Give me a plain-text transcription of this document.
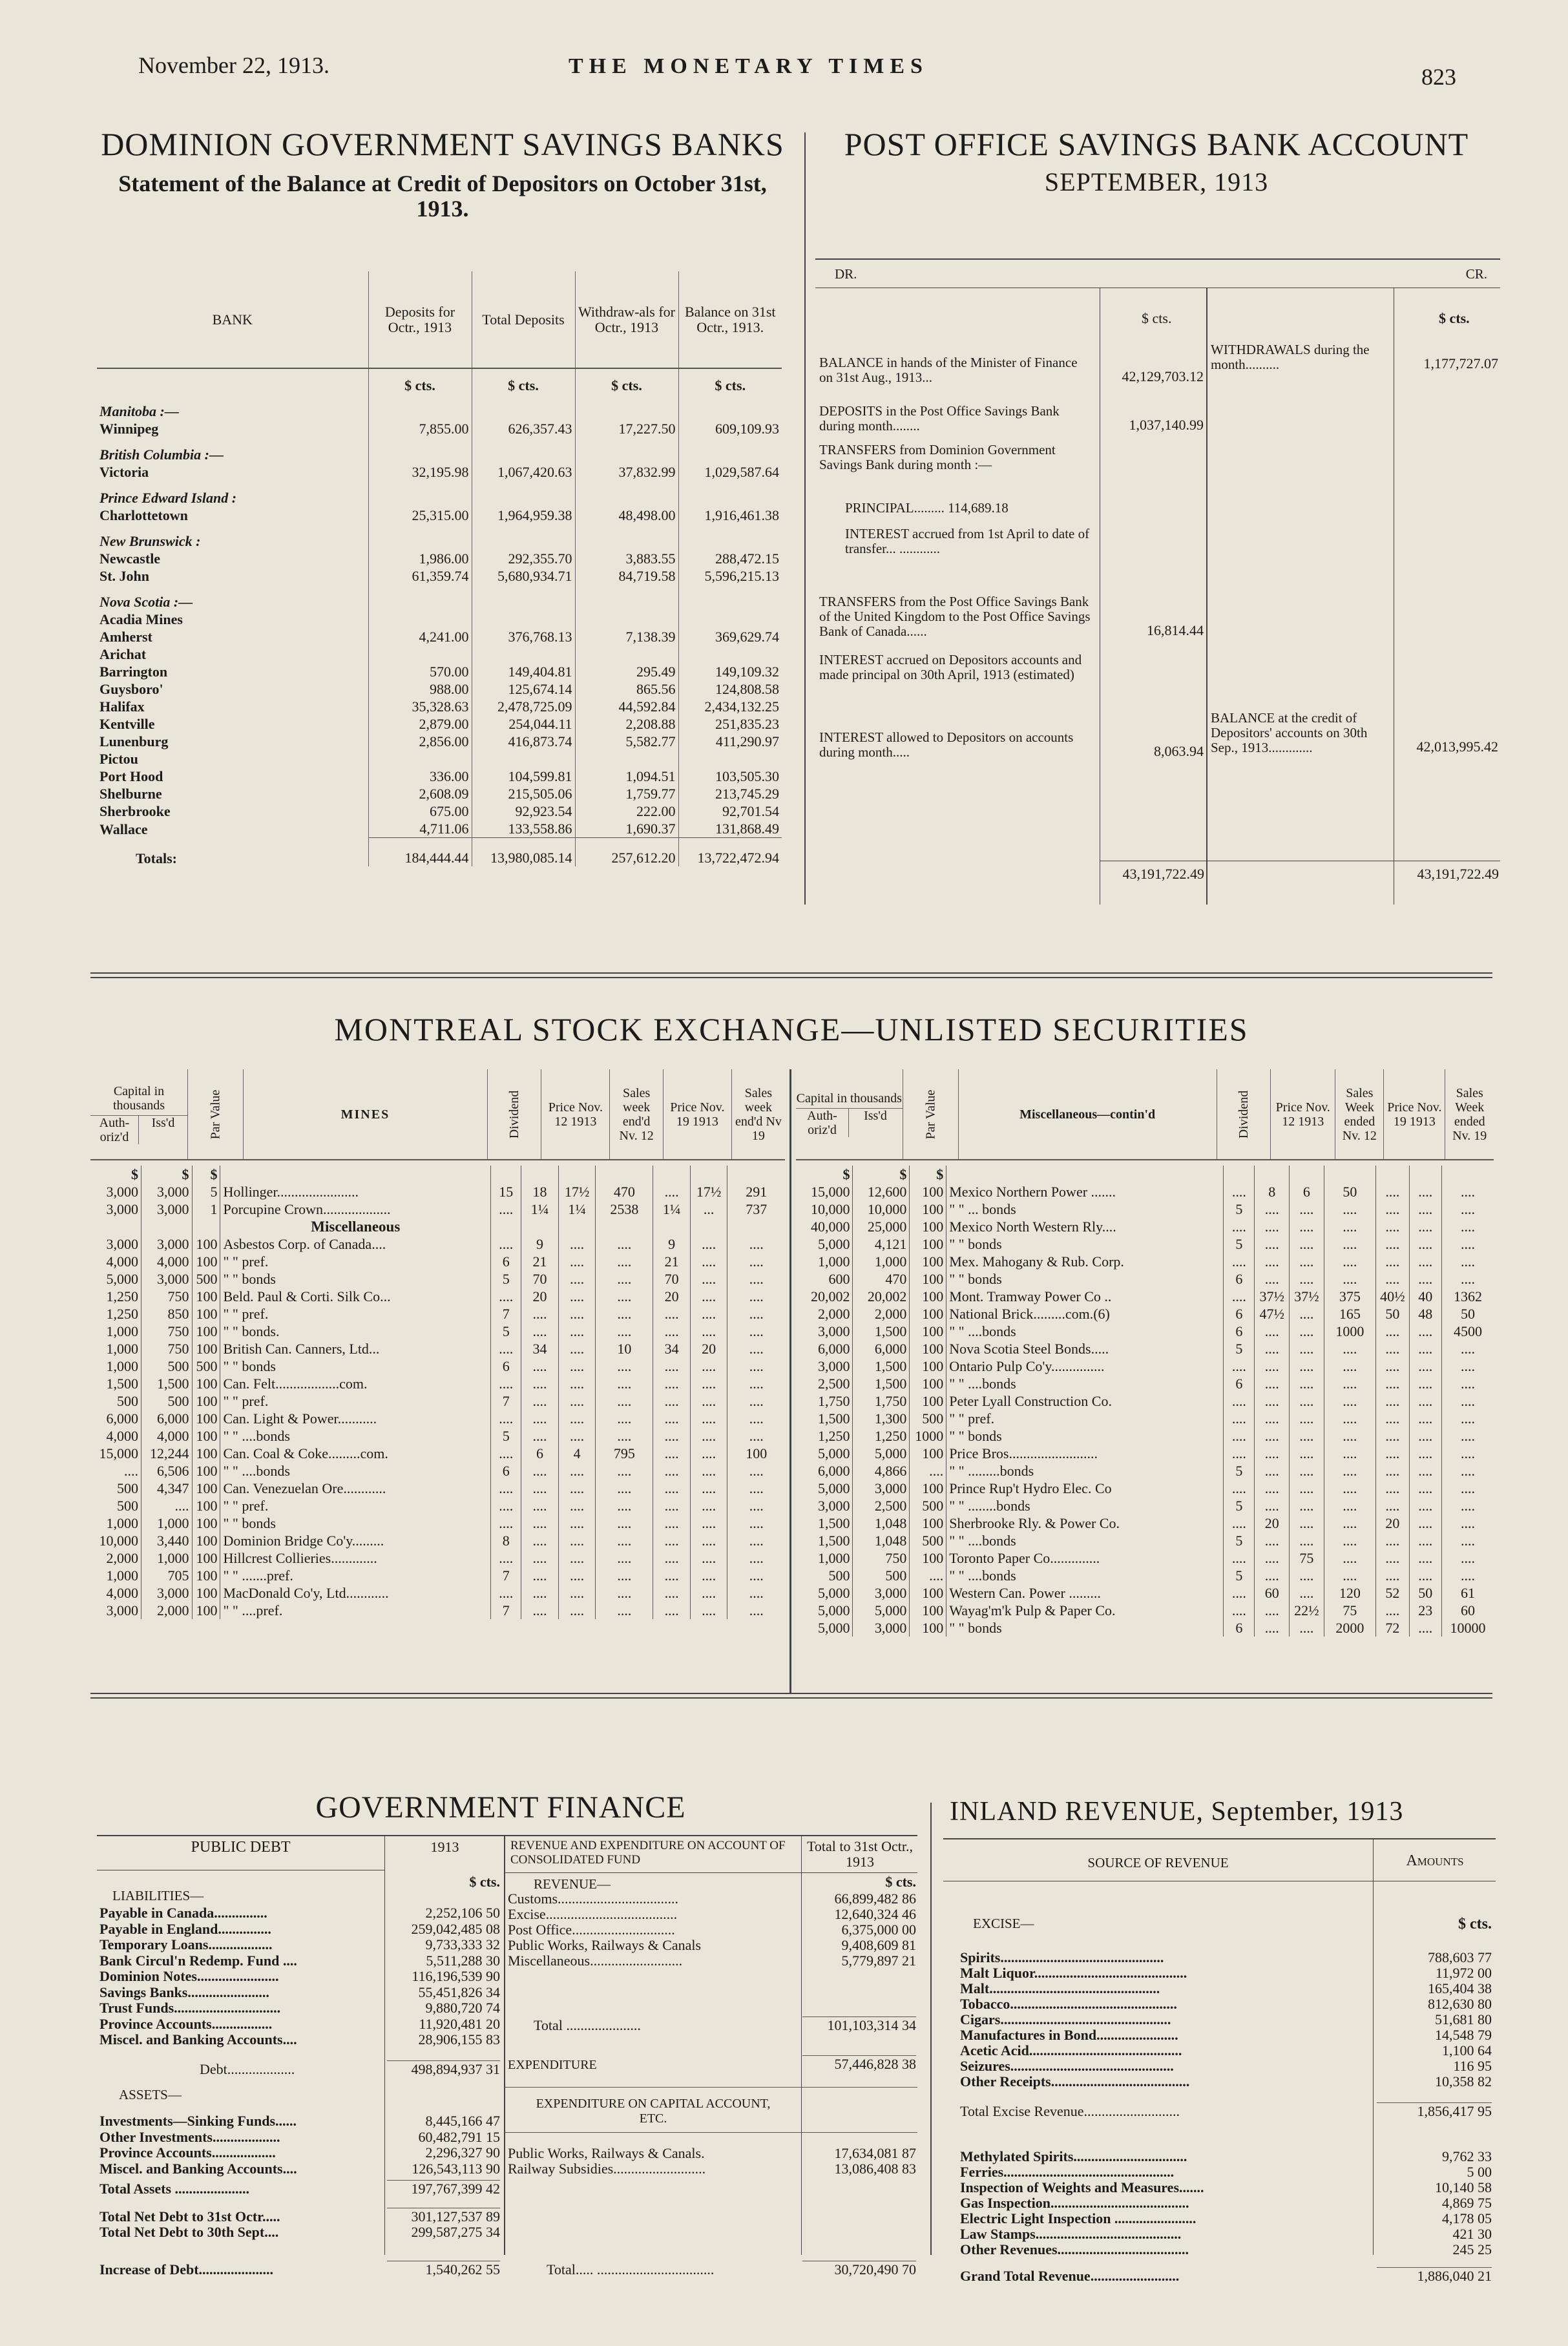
November 22, 1913.	THE MONETARY TIMES	823
DOMINION GOVERNMENT SAVINGS BANKS
Statement of the Balance at Credit of Depositors on October 31st, 1913.
BANK	Deposits for Octr., 1913	Total Deposits	Withdraw-als for Octr., 1913	Balance on 31st Octr., 1913.
	$ cts.	$ cts.	$ cts.	$ cts.
Manitoba :—				
Winnipeg	7,855.00	626,357.43	17,227.50	609,109.93
British Columbia :—				
Victoria	32,195.98	1,067,420.63	37,832.99	1,029,587.64
Prince Edward Island :				
Charlottetown	25,315.00	1,964,959.38	48,498.00	1,916,461.38
New Brunswick :				
Newcastle	1,986.00	292,355.70	3,883.55	288,472.15
St. John	61,359.74	5,680,934.71	84,719.58	5,596,215.13
Nova Scotia :—				
Acadia Mines				
Amherst	4,241.00	376,768.13	7,138.39	369,629.74
Arichat				
Barrington	570.00	149,404.81	295.49	149,109.32
Guysboro'	988.00	125,674.14	865.56	124,808.58
Halifax	35,328.63	2,478,725.09	44,592.84	2,434,132.25
Kentville	2,879.00	254,044.11	2,208.88	251,835.23
Lunenburg	2,856.00	416,873.74	5,582.77	411,290.97
Pictou				
Port Hood	336.00	104,599.81	1,094.51	103,505.30
Shelburne	2,608.09	215,505.06	1,759.77	213,745.29
Sherbrooke	675.00	92,923.54	222.00	92,701.54
Wallace	4,711.06	133,558.86	1,690.37	131,868.49
Totals:	184,444.44	13,980,085.14	257,612.20	13,722,472.94
POST OFFICE SAVINGS BANK ACCOUNT
SEPTEMBER, 1913
DR.	CR.
$ cts.	$ cts.
BALANCE in hands of the Minister of Finance on 31st Aug., 1913...	42,129,703.12
DEPOSITS in the Post Office Savings Bank during month........	1,037,140.99
TRANSFERS from Dominion Government Savings Bank during month :—
PRINCIPAL......... 114,689.18
INTEREST accrued from 1st April to date of transfer... ............
TRANSFERS from the Post Office Savings Bank of the United Kingdom to the Post Office Savings Bank of Canada......	16,814.44
INTEREST accrued on Depositors accounts and made principal on 30th April, 1913 (estimated)
INTEREST allowed to Depositors on accounts during month.....	8,063.94
WITHDRAWALS during the month..........	1,177,727.07
BALANCE at the credit of Depositors' accounts on 30th Sep., 1913.............	42,013,995.42
43,191,722.49	43,191,722.49
MONTREAL STOCK EXCHANGE—UNLISTED SECURITIES
Capital in thousands
Auth-oriz'd
Iss'd	Par Value	MINES	Dividend	Price Nov. 12 1913	Sales week end'd Nv. 12	Price Nov. 19 1913	Sales week end'd Nv 19
$	$	$								
3,000	3,000	5	Hollinger.......................	15	18	17½	470	....	17½	291
3,000	3,000	1	Porcupine Crown...................	....	1¼	1¼	2538	1¼	...	737
			Miscellaneous							
3,000	3,000	100	Asbestos Corp. of Canada....	....	9	....	....	9	....	....
4,000	4,000	100	" " pref.	6	21	....	....	21	....	....
5,000	3,000	500	" " bonds	5	70	....	....	70	....	....
1,250	750	100	Beld. Paul & Corti. Silk Co...	....	20	....	....	20	....	....
1,250	850	100	" " pref.	7	....	....	....	....	....	....
1,000	750	100	" " bonds.	5	....	....	....	....	....	....
1,000	750	100	British Can. Canners, Ltd...	....	34	....	10	34	20	....
1,000	500	500	" " bonds	6	....	....	....	....	....	....
1,500	1,500	100	Can. Felt..................com.	....	....	....	....	....	....	....
500	500	100	" " pref.	7	....	....	....	....	....	....
6,000	6,000	100	Can. Light & Power...........	....	....	....	....	....	....	....
4,000	4,000	100	" " ....bonds	5	....	....	....	....	....	....
15,000	12,244	100	Can. Coal & Coke.........com.	....	6	4	795	....	....	100
....	6,506	100	" " ....bonds	6	....	....	....	....	....	....
500	4,347	100	Can. Venezuelan Ore............	....	....	....	....	....	....	....
500	....	100	" " pref.	....	....	....	....	....	....	....
1,000	1,000	100	" " bonds	....	....	....	....	....	....	....
10,000	3,440	100	Dominion Bridge Co'y.........	8	....	....	....	....	....	....
2,000	1,000	100	Hillcrest Collieries.............	....	....	....	....	....	....	....
1,000	705	100	" " .......pref.	7	....	....	....	....	....	....
4,000	3,000	100	MacDonald Co'y, Ltd............	....	....	....	....	....	....	....
3,000	2,000	100	" " ....pref.	7	....	....	....	....	....	....
Capital in thousands
Auth-oriz'd
Iss'd	Par Value	Miscellaneous—contin'd	Dividend	Price Nov. 12 1913	Sales Week ended Nv. 12	Price Nov. 19 1913	Sales Week ended Nv. 19
$	$	$								
15,000	12,600	100	Mexico Northern Power .......	....	8	6	50	....	....	....
10,000	10,000	100	" " ... bonds	5	....	....	....	....	....	....
40,000	25,000	100	Mexico North Western Rly....	....	....	....	....	....	....	....
5,000	4,121	100	" " bonds	5	....	....	....	....	....	....
1,000	1,000	100	Mex. Mahogany & Rub. Corp.	....	....	....	....	....	....	....
600	470	100	" " bonds	6	....	....	....	....	....	....
20,002	20,002	100	Mont. Tramway Power Co ..	....	37½	37½	375	40½	40	1362
2,000	2,000	100	National Brick.........com.(6)	6	47½	....	165	50	48	50
3,000	1,500	100	" " ....bonds	6	....	....	1000	....	....	4500
6,000	6,000	100	Nova Scotia Steel Bonds.....	5	....	....	....	....	....	....
3,000	1,500	100	Ontario Pulp Co'y...............	....	....	....	....	....	....	....
2,500	1,500	100	" " ....bonds	6	....	....	....	....	....	....
1,750	1,750	100	Peter Lyall Construction Co.	....	....	....	....	....	....	....
1,500	1,300	500	" " pref.	....	....	....	....	....	....	....
1,250	1,250	1000	" " bonds	....	....	....	....	....	....	....
5,000	5,000	100	Price Bros.........................	....	....	....	....	....	....	....
6,000	4,866	....	" " .........bonds	5	....	....	....	....	....	....
5,000	3,000	100	Prince Rup't Hydro Elec. Co	....	....	....	....	....	....	....
3,000	2,500	500	" " ........bonds	5	....	....	....	....	....	....
1,500	1,048	100	Sherbrooke Rly. & Power Co.	....	20	....	....	20	....	....
1,500	1,048	500	" " ....bonds	5	....	....	....	....	....	....
1,000	750	100	Toronto Paper Co..............	....	....	75	....	....	....	....
500	500	....	" " ....bonds	5	....	....	....	....	....	....
5,000	3,000	100	Western Can. Power .........	....	60	....	120	52	50	61
5,000	5,000	100	Wayag'm'k Pulp & Paper Co.	....	....	22½	75	....	23	60
5,000	3,000	100	" " bonds	6	....	....	2000	72	....	10000
GOVERNMENT FINANCE
PUBLIC DEBT	1913	REVENUE AND EXPENDITURE ON ACCOUNT OF CONSOLIDATED FUND
Total to 31st Octr., 1913
LIABILITIES—
$ cts.
Payable in Canada...............	2,252,106 50
Payable in England...............	259,042,485 08
Temporary Loans..................	9,733,333 32
Bank Circul'n Redemp. Fund ....	5,511,288 30
Dominion Notes.......................	116,196,539 90
Savings Banks.......................	55,451,826 34
Trust Funds..............................	9,880,720 74
Province Accounts.................	11,920,481 20
Miscel. and Banking Accounts....	28,906,155 83
Debt...................	498,894,937 31
ASSETS—
Investments—Sinking Funds......	8,445,166 47
Other Investments...................	60,482,791 15
Province Accounts..................	2,296,327 90
Miscel. and Banking Accounts....	126,543,113 90
Total Assets .....................	197,767,399 42
Total Net Debt to 31st Octr.....	301,127,537 89
Total Net Debt to 30th Sept....	299,587,275 34
Increase of Debt.....................	1,540,262 55
REVENUE—	$ cts.
Customs..................................	66,899,482 86
Excise.....................................	12,640,324 46
Post Office.............................	6,375,000 00
Public Works, Railways & Canals	9,408,609 81
Miscellaneous..........................	5,779,897 21
Total .....................	101,103,314 34
EXPENDITURE	57,446,828 38
EXPENDITURE ON CAPITAL ACCOUNT, ETC.
Public Works, Railways & Canals.	17,634,081 87
Railway Subsidies..........................	13,086,408 83
Total..... .................................	30,720,490 70
INLAND REVENUE, September, 1913
SOURCE OF REVENUE	Amounts
EXCISE—	$ cts.
Spirits..............................................	788,603 77
Malt Liquor...........................................	11,972 00
Malt................................................	165,404 38
Tobacco...............................................	812,630 80
Cigars................................................	51,681 80
Manufactures in Bond.......................	14,548 79
Acetic Acid...........................................	1,100 64
Seizures..............................................	116 95
Other Receipts.......................................	10,358 82
Total Excise Revenue...........................	1,856,417 95
Methylated Spirits................................	9,762 33
Ferries................................................	5 00
Inspection of Weights and Measures.......	10,140 58
Gas Inspection.......................................	4,869 75
Electric Light Inspection .......................	4,178 05
Law Stamps.........................................	421 30
Other Revenues.....................................	245 25
Grand Total Revenue.........................	1,886,040 21
